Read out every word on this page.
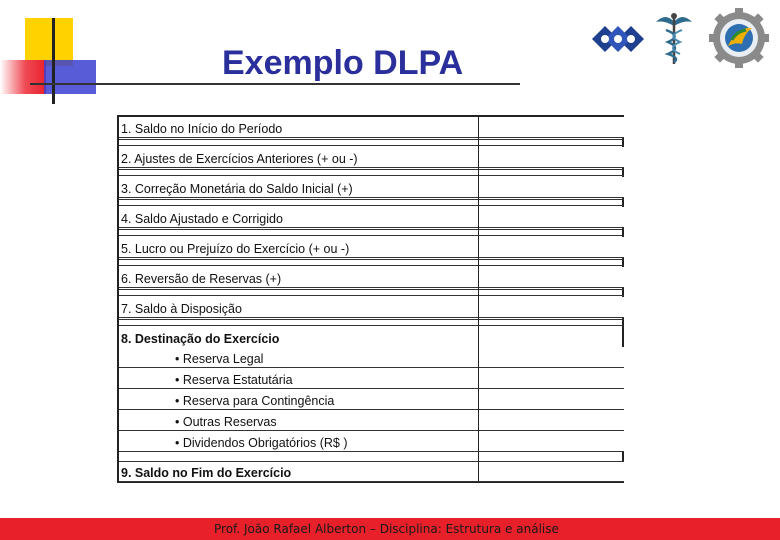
Exemplo DLPA
1. Saldo no Início do Período
2. Ajustes de Exercícios Anteriores (+ ou -)
3. Correção Monetária do Saldo Inicial (+)
4. Saldo Ajustado e Corrigido
5. Lucro ou Prejuízo do Exercício (+ ou -)
6. Reversão de Reservas (+)
7. Saldo à Disposição
8. Destinação do Exercício
• Reserva Legal
• Reserva Estatutária
• Reserva para Contingência
• Outras Reservas
• Dividendos Obrigatórios (R$ )
9. Saldo no Fim do Exercício
Prof. João Rafael Alberton – Disciplina: Estrutura e análise
